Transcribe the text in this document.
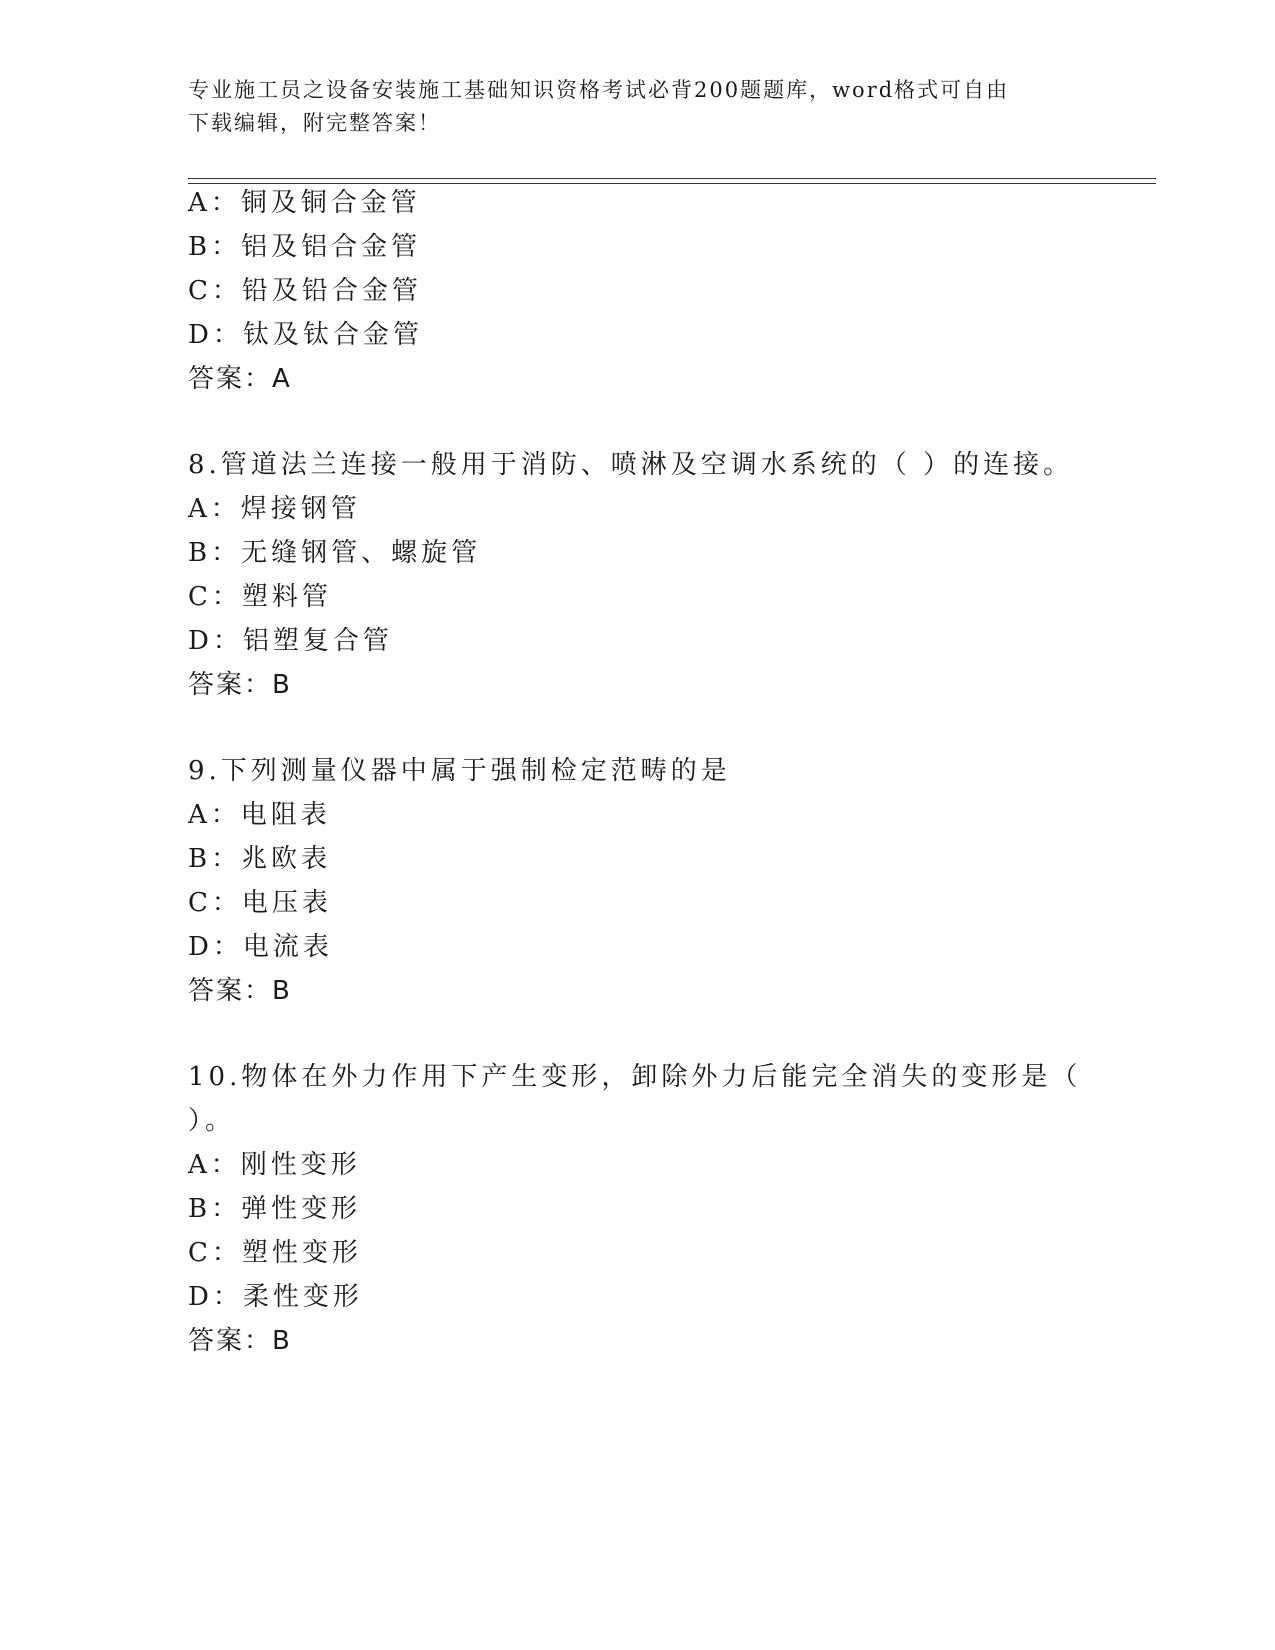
专业施工员之设备安装施工基础知识资格考试必背200题题库，word格式可自由
下载编辑，附完整答案！

A：铜及铜合金管

B：铝及铝合金管

C：铅及铅合金管

D：钛及钛合金管

答案：A

8.管道法兰连接一般用于消防、喷淋及空调水系统的（ ）的连接。

A：焊接钢管

B：无缝钢管、螺旋管

C：塑料管

D：铝塑复合管

答案：B

9.下列测量仪器中属于强制检定范畴的是

A：电阻表

B：兆欧表

C：电压表

D：电流表

答案：B

10.物体在外力作用下产生变形，卸除外力后能完全消失的变形是（

）。

A：刚性变形

B：弹性变形

C：塑性变形

D：柔性变形

答案：B
